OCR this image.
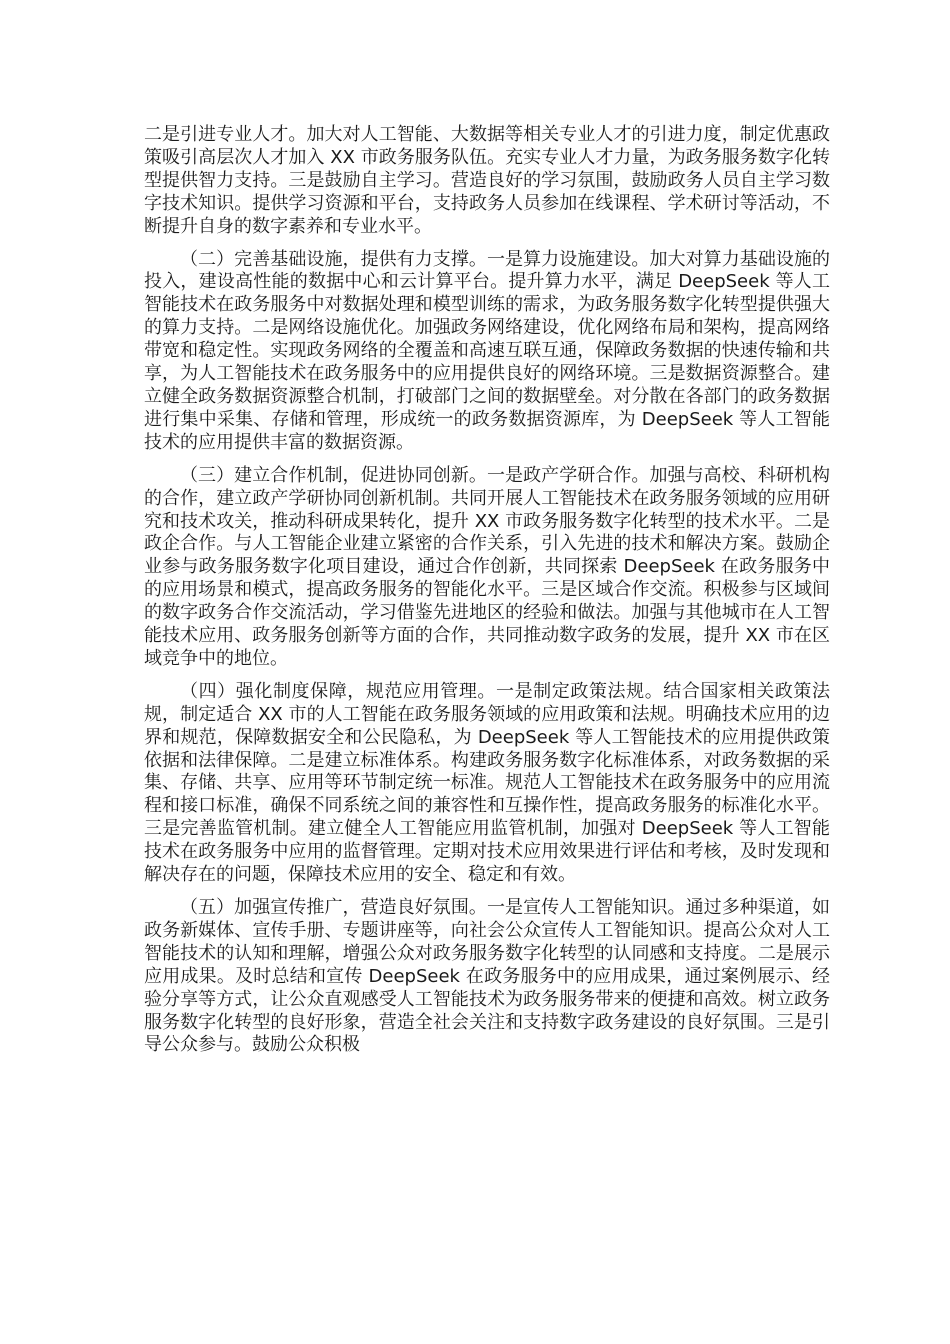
二是引进专业人才。加大对人工智能、大数据等相关专业人才的引进力度，制定优惠政策吸引高层次人才加入 XX 市政务服务队伍。充实专业人才力量，为政务服务数字化转型提供智力支持。三是鼓励自主学习。营造良好的学习氛围，鼓励政务人员自主学习数字技术知识。提供学习资源和平台，支持政务人员参加在线课程、学术研讨等活动，不断提升自身的数字素养和专业水平。

（二）完善基础设施，提供有力支撑。一是算力设施建设。加大对算力基础设施的投入，建设高性能的数据中心和云计算平台。提升算力水平，满足 DeepSeek 等人工智能技术在政务服务中对数据处理和模型训练的需求，为政务服务数字化转型提供强大的算力支持。二是网络设施优化。加强政务网络建设，优化网络布局和架构，提高网络带宽和稳定性。实现政务网络的全覆盖和高速互联互通，保障政务数据的快速传输和共享，为人工智能技术在政务服务中的应用提供良好的网络环境。三是数据资源整合。建立健全政务数据资源整合机制，打破部门之间的数据壁垒。对分散在各部门的政务数据进行集中采集、存储和管理，形成统一的政务数据资源库，为 DeepSeek 等人工智能技术的应用提供丰富的数据资源。

（三）建立合作机制，促进协同创新。一是政产学研合作。加强与高校、科研机构的合作，建立政产学研协同创新机制。共同开展人工智能技术在政务服务领域的应用研究和技术攻关，推动科研成果转化，提升 XX 市政务服务数字化转型的技术水平。二是政企合作。与人工智能企业建立紧密的合作关系，引入先进的技术和解决方案。鼓励企业参与政务服务数字化项目建设，通过合作创新，共同探索 DeepSeek 在政务服务中的应用场景和模式，提高政务服务的智能化水平。三是区域合作交流。积极参与区域间的数字政务合作交流活动，学习借鉴先进地区的经验和做法。加强与其他城市在人工智能技术应用、政务服务创新等方面的合作，共同推动数字政务的发展，提升 XX 市在区域竞争中的地位。

（四）强化制度保障，规范应用管理。一是制定政策法规。结合国家相关政策法规，制定适合 XX 市的人工智能在政务服务领域的应用政策和法规。明确技术应用的边界和规范，保障数据安全和公民隐私，为 DeepSeek 等人工智能技术的应用提供政策依据和法律保障。二是建立标准体系。构建政务服务数字化标准体系，对政务数据的采集、存储、共享、应用等环节制定统一标准。规范人工智能技术在政务服务中的应用流程和接口标准，确保不同系统之间的兼容性和互操作性，提高政务服务的标准化水平。三是完善监管机制。建立健全人工智能应用监管机制，加强对 DeepSeek 等人工智能技术在政务服务中应用的监督管理。定期对技术应用效果进行评估和考核，及时发现和解决存在的问题，保障技术应用的安全、稳定和有效。

（五）加强宣传推广，营造良好氛围。一是宣传人工智能知识。通过多种渠道，如政务新媒体、宣传手册、专题讲座等，向社会公众宣传人工智能知识。提高公众对人工智能技术的认知和理解，增强公众对政务服务数字化转型的认同感和支持度。二是展示应用成果。及时总结和宣传 DeepSeek 在政务服务中的应用成果，通过案例展示、经验分享等方式，让公众直观感受人工智能技术为政务服务带来的便捷和高效。树立政务服务数字化转型的良好形象，营造全社会关注和支持数字政务建设的良好氛围。三是引导公众参与。鼓励公众积极
